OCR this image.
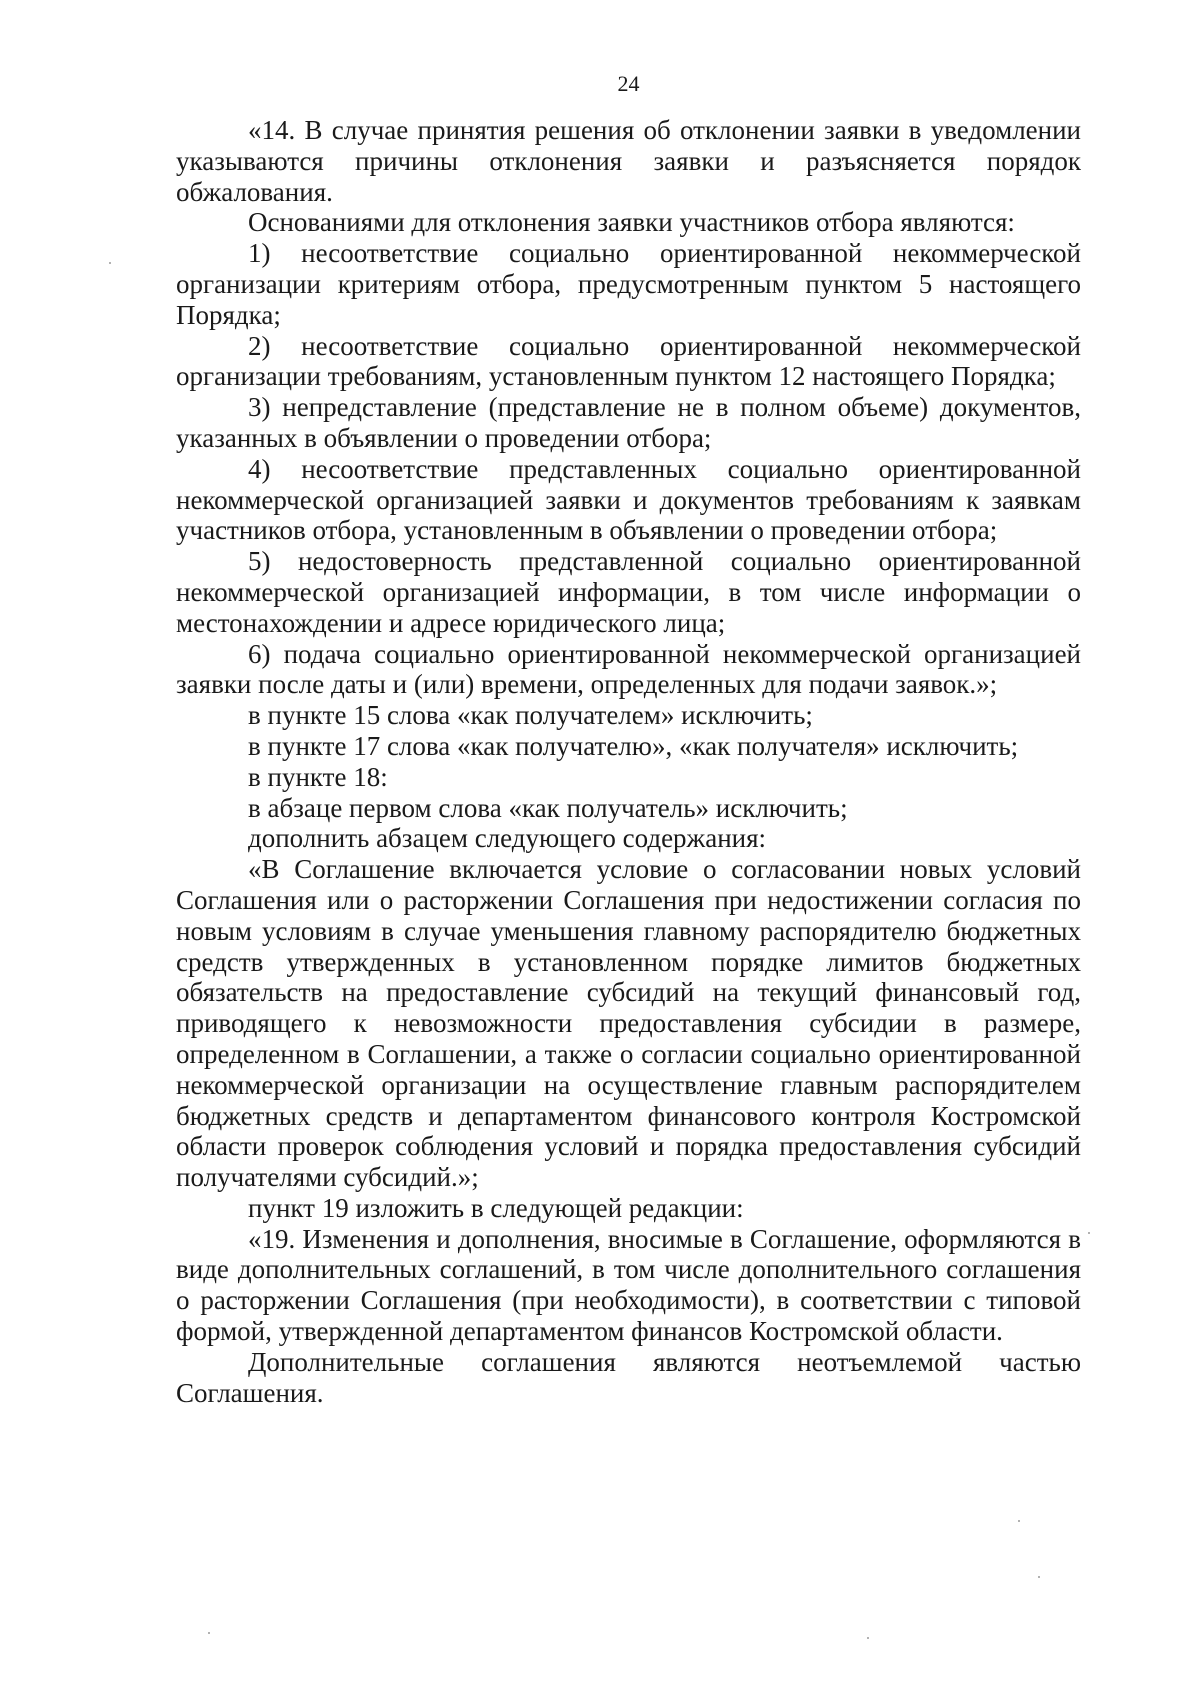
24

«14. В случае принятия решения об отклонении заявки в уведомлении указываются причины отклонения заявки и разъясняется порядок обжалования.

Основаниями для отклонения заявки участников отбора являются:

1) несоответствие социально ориентированной некоммерческой организации критериям отбора, предусмотренным пунктом 5 настоящего Порядка;

2) несоответствие социально ориентированной некоммерческой организации требованиям, установленным пунктом 12 настоящего Порядка;

3) непредставление (представление не в полном объеме) документов, указанных в объявлении о проведении отбора;

4) несоответствие представленных социально ориентированной некоммерческой организацией заявки и документов требованиям к заявкам участников отбора, установленным в объявлении о проведении отбора;

5) недостоверность представленной социально ориентированной некоммерческой организацией информации, в том числе информации о местонахождении и адресе юридического лица;

6) подача социально ориентированной некоммерческой организацией заявки после даты и (или) времени, определенных для подачи заявок.»;

в пункте 15 слова «как получателем» исключить;

в пункте 17 слова «как получателю», «как получателя» исключить;

в пункте 18:

в абзаце первом слова «как получатель» исключить;

дополнить абзацем следующего содержания:

«В Соглашение включается условие о согласовании новых условий Соглашения или о расторжении Соглашения при недостижении согласия по новым условиям в случае уменьшения главному распорядителю бюджетных средств утвержденных в установленном порядке лимитов бюджетных обязательств на предоставление субсидий на текущий финансовый год, приводящего к невозможности предоставления субсидии в размере, определенном в Соглашении, а также о согласии социально ориентированной некоммерческой организации на осуществление главным распорядителем бюджетных средств и департаментом финансового контроля Костромской области проверок соблюдения условий и порядка предоставления субсидий получателями субсидий.»;

пункт 19 изложить в следующей редакции:

«19. Изменения и дополнения, вносимые в Соглашение, оформляются в виде дополнительных соглашений, в том числе дополнительного соглашения о расторжении Соглашения (при необходимости), в соответствии с типовой формой, утвержденной департаментом финансов Костромской области.

Дополнительные соглашения являются неотъемлемой частью Соглашения.
